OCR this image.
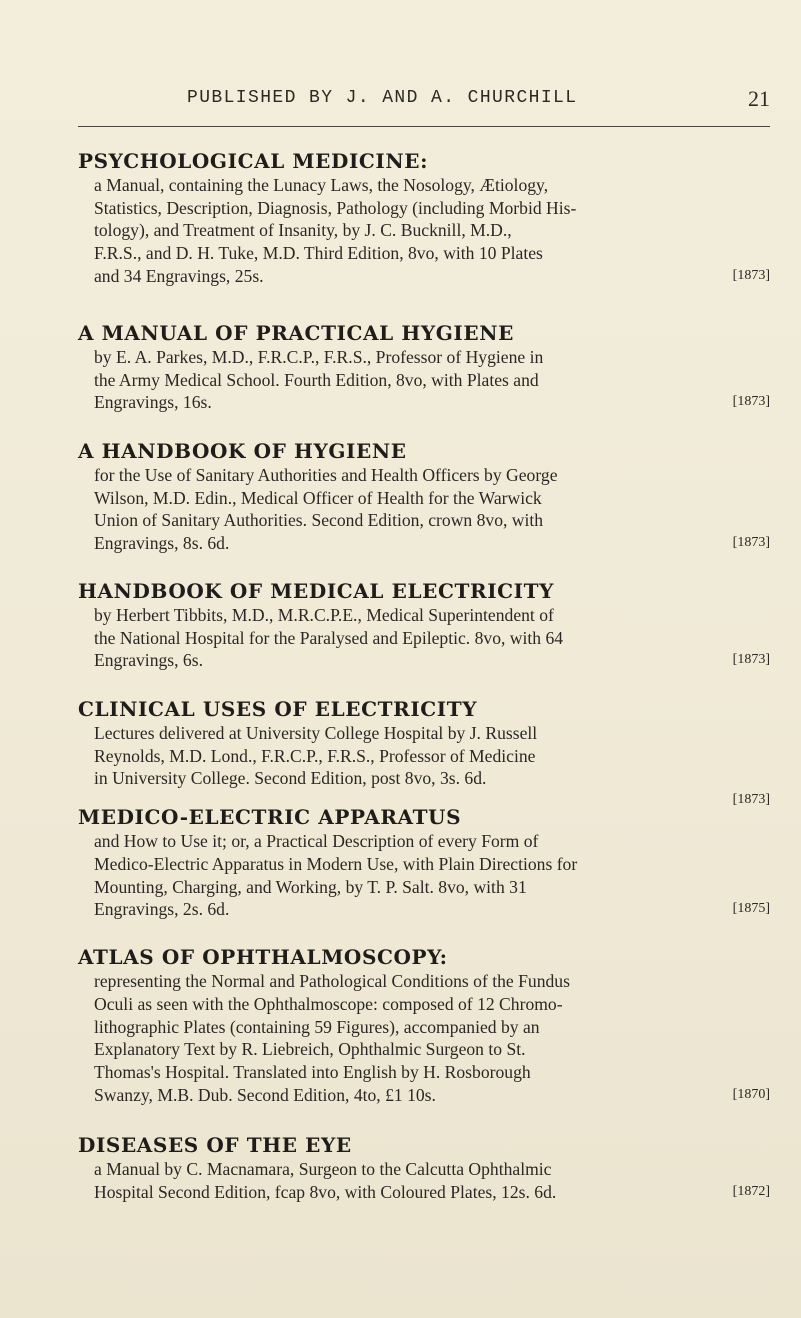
PUBLISHED BY J. AND A. CHURCHILL	21
PSYCHOLOGICAL MEDICINE:

a Manual, containing the Lunacy Laws, the Nosology, Ætiology,
Statistics, Description, Diagnosis, Pathology (including Morbid His-
tology), and Treatment of Insanity, by J. C. Bucknill, M.D.,
F.R.S., and D. H. Tuke, M.D. Third Edition, 8vo, with 10 Plates
and 34 Engravings, 25s.	[1873]

A MANUAL OF PRACTICAL HYGIENE

by E. A. Parkes, M.D., F.R.C.P., F.R.S., Professor of Hygiene in
the Army Medical School. Fourth Edition, 8vo, with Plates and
Engravings, 16s.	[1873]

A HANDBOOK OF HYGIENE

for the Use of Sanitary Authorities and Health Officers by George
Wilson, M.D. Edin., Medical Officer of Health for the Warwick
Union of Sanitary Authorities. Second Edition, crown 8vo, with
Engravings, 8s. 6d.	[1873]

HANDBOOK OF MEDICAL ELECTRICITY

by Herbert Tibbits, M.D., M.R.C.P.E., Medical Superintendent of
the National Hospital for the Paralysed and Epileptic. 8vo, with 64
Engravings, 6s.	[1873]

CLINICAL USES OF ELECTRICITY

Lectures delivered at University College Hospital by J. Russell
Reynolds, M.D. Lond., F.R.C.P., F.R.S., Professor of Medicine
in University College. Second Edition, post 8vo, 3s. 6d.

[1873]
MEDICO-ELECTRIC APPARATUS

and How to Use it; or, a Practical Description of every Form of
Medico-Electric Apparatus in Modern Use, with Plain Directions for
Mounting, Charging, and Working, by T. P. Salt. 8vo, with 31
Engravings, 2s. 6d.	[1875]

ATLAS OF OPHTHALMOSCOPY:

representing the Normal and Pathological Conditions of the Fundus
Oculi as seen with the Ophthalmoscope: composed of 12 Chromo-
lithographic Plates (containing 59 Figures), accompanied by an
Explanatory Text by R. Liebreich, Ophthalmic Surgeon to St.
Thomas's Hospital. Translated into English by H. Rosborough
Swanzy, M.B. Dub. Second Edition, 4to, £1 10s.	[1870]

DISEASES OF THE EYE

a Manual by C. Macnamara, Surgeon to the Calcutta Ophthalmic
Hospital Second Edition, fcap 8vo, with Coloured Plates, 12s. 6d.	[1872]
